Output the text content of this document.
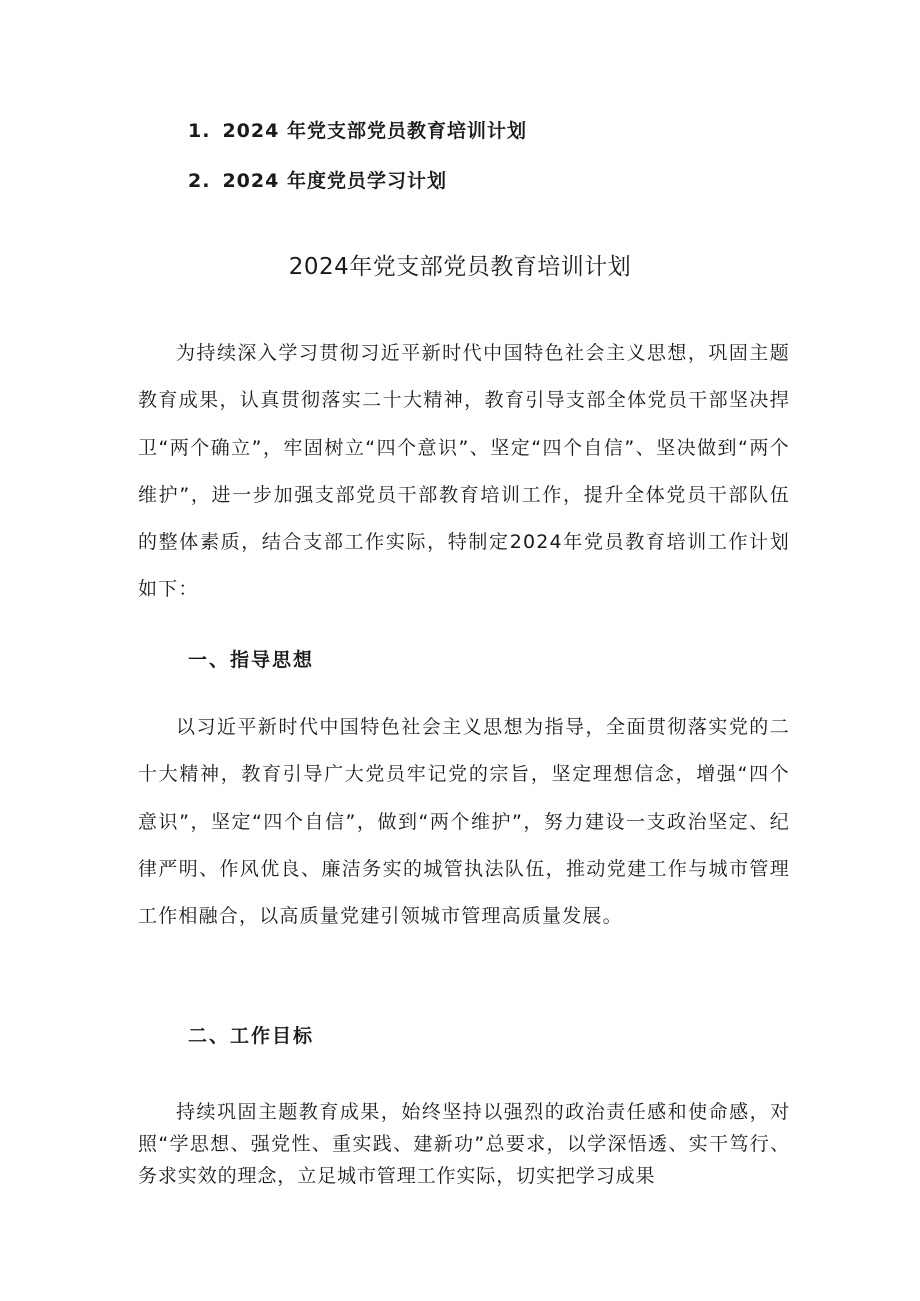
1. 2024 年党支部党员教育培训计划
2. 2024 年度党员学习计划
2024年党支部党员教育培训计划

为持续深入学习贯彻习近平新时代中国特色社会主义思想，巩固主题教育成果，认真贯彻落实二十大精神，教育引导支部全体党员干部坚决捍卫“两个确立”，牢固树立“四个意识”、坚定“四个自信”、坚决做到“两个维护”，进一步加强支部党员干部教育培训工作，提升全体党员干部队伍的整体素质，结合支部工作实际，特制定2024年党员教育培训工作计划如下：

一、指导思想

以习近平新时代中国特色社会主义思想为指导，全面贯彻落实党的二十大精神，教育引导广大党员牢记党的宗旨，坚定理想信念，增强“四个意识”，坚定“四个自信”，做到“两个维护”，努力建设一支政治坚定、纪律严明、作风优良、廉洁务实的城管执法队伍，推动党建工作与城市管理工作相融合，以高质量党建引领城市管理高质量发展。

二、工作目标

持续巩固主题教育成果，始终坚持以强烈的政治责任感和使命感，对照“学思想、强党性、重实践、建新功”总要求，以学深悟透、实干笃行、务求实效的理念，立足城市管理工作实际，切实把学习成果
